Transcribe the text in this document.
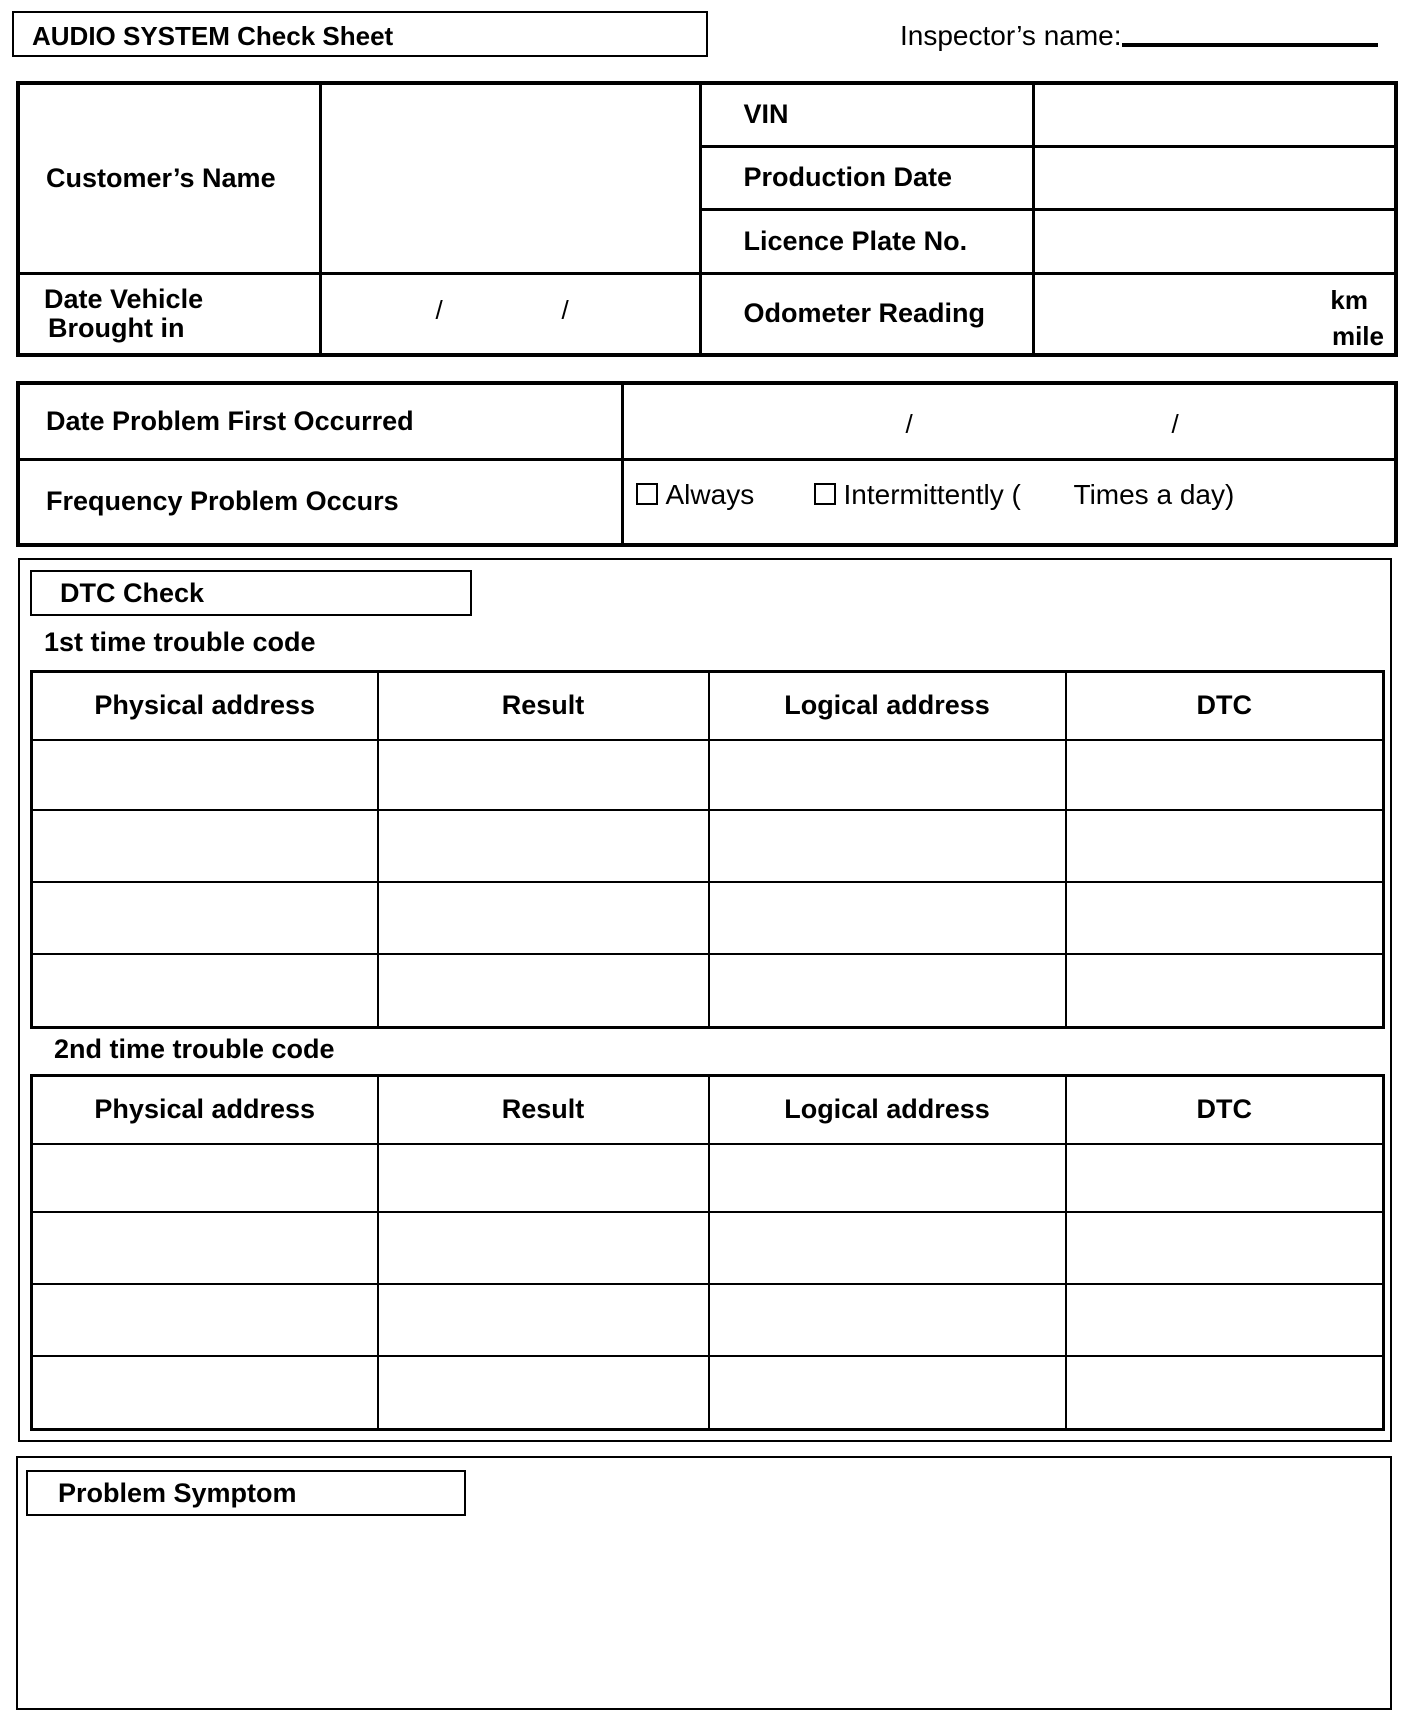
AUDIO SYSTEM Check Sheet	Inspector’s name:
Customer’s Name		VIN	
		Production Date	
		Licence Plate No.	
Date Vehicle
Brought in	/ /	Odometer Reading	km
mile
Date Problem First Occurred	/ /

Frequency Problem Occurs	Always Intermittently ( Times a day)
DTC Check
1st time trouble code
Physical address	Result	Logical address	DTC

2nd time trouble code
Physical address	Result	Logical address	DTC

Problem Symptom
